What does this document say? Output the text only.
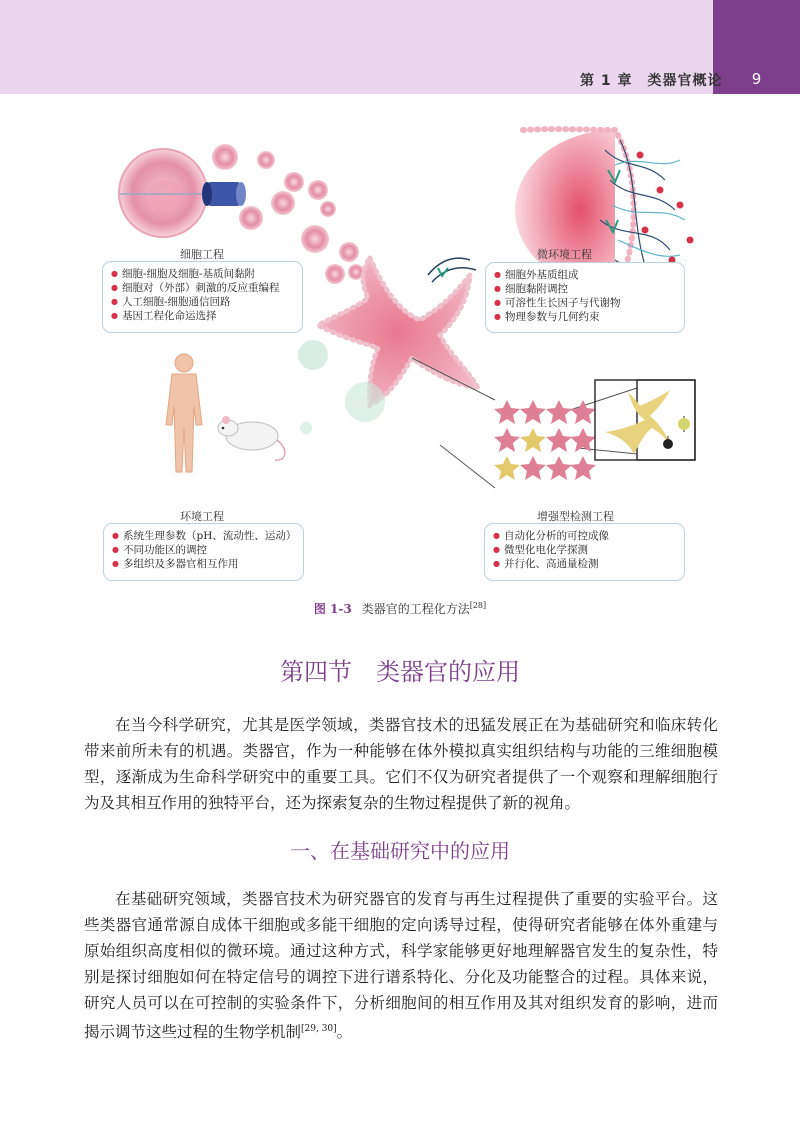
第 1 章　类器官概论	9
细胞工程
● 细胞-细胞及细胞-基质间黏附
● 细胞对（外部）刺激的反应重编程
● 人工细胞-细胞通信回路
● 基因工程化命运选择
微环境工程
● 细胞外基质组成
● 细胞黏附调控
● 可溶性生长因子与代谢物
● 物理参数与几何约束
环境工程
● 系统生理参数（pH、流动性、运动）
● 不同功能区的调控
● 多组织及多器官相互作用
增强型检测工程
● 自动化分析的可控成像
● 微型化电化学探测
● 并行化、高通量检测
图 1-3 类器官的工程化方法[28]
第四节　类器官的应用
在当今科学研究，尤其是医学领域，类器官技术的迅猛发展正在为基础研究和临床转化带来前所未有的机遇。类器官，作为一种能够在体外模拟真实组织结构与功能的三维细胞模型，逐渐成为生命科学研究中的重要工具。它们不仅为研究者提供了一个观察和理解细胞行为及其相互作用的独特平台，还为探索复杂的生物过程提供了新的视角。
一、在基础研究中的应用
在基础研究领域，类器官技术为研究器官的发育与再生过程提供了重要的实验平台。这些类器官通常源自成体干细胞或多能干细胞的定向诱导过程，使得研究者能够在体外重建与原始组织高度相似的微环境。通过这种方式，科学家能够更好地理解器官发生的复杂性，特别是探讨细胞如何在特定信号的调控下进行谱系特化、分化及功能整合的过程。具体来说，研究人员可以在可控制的实验条件下，分析细胞间的相互作用及其对组织发育的影响，进而揭示调节这些过程的生物学机制[29, 30]。
